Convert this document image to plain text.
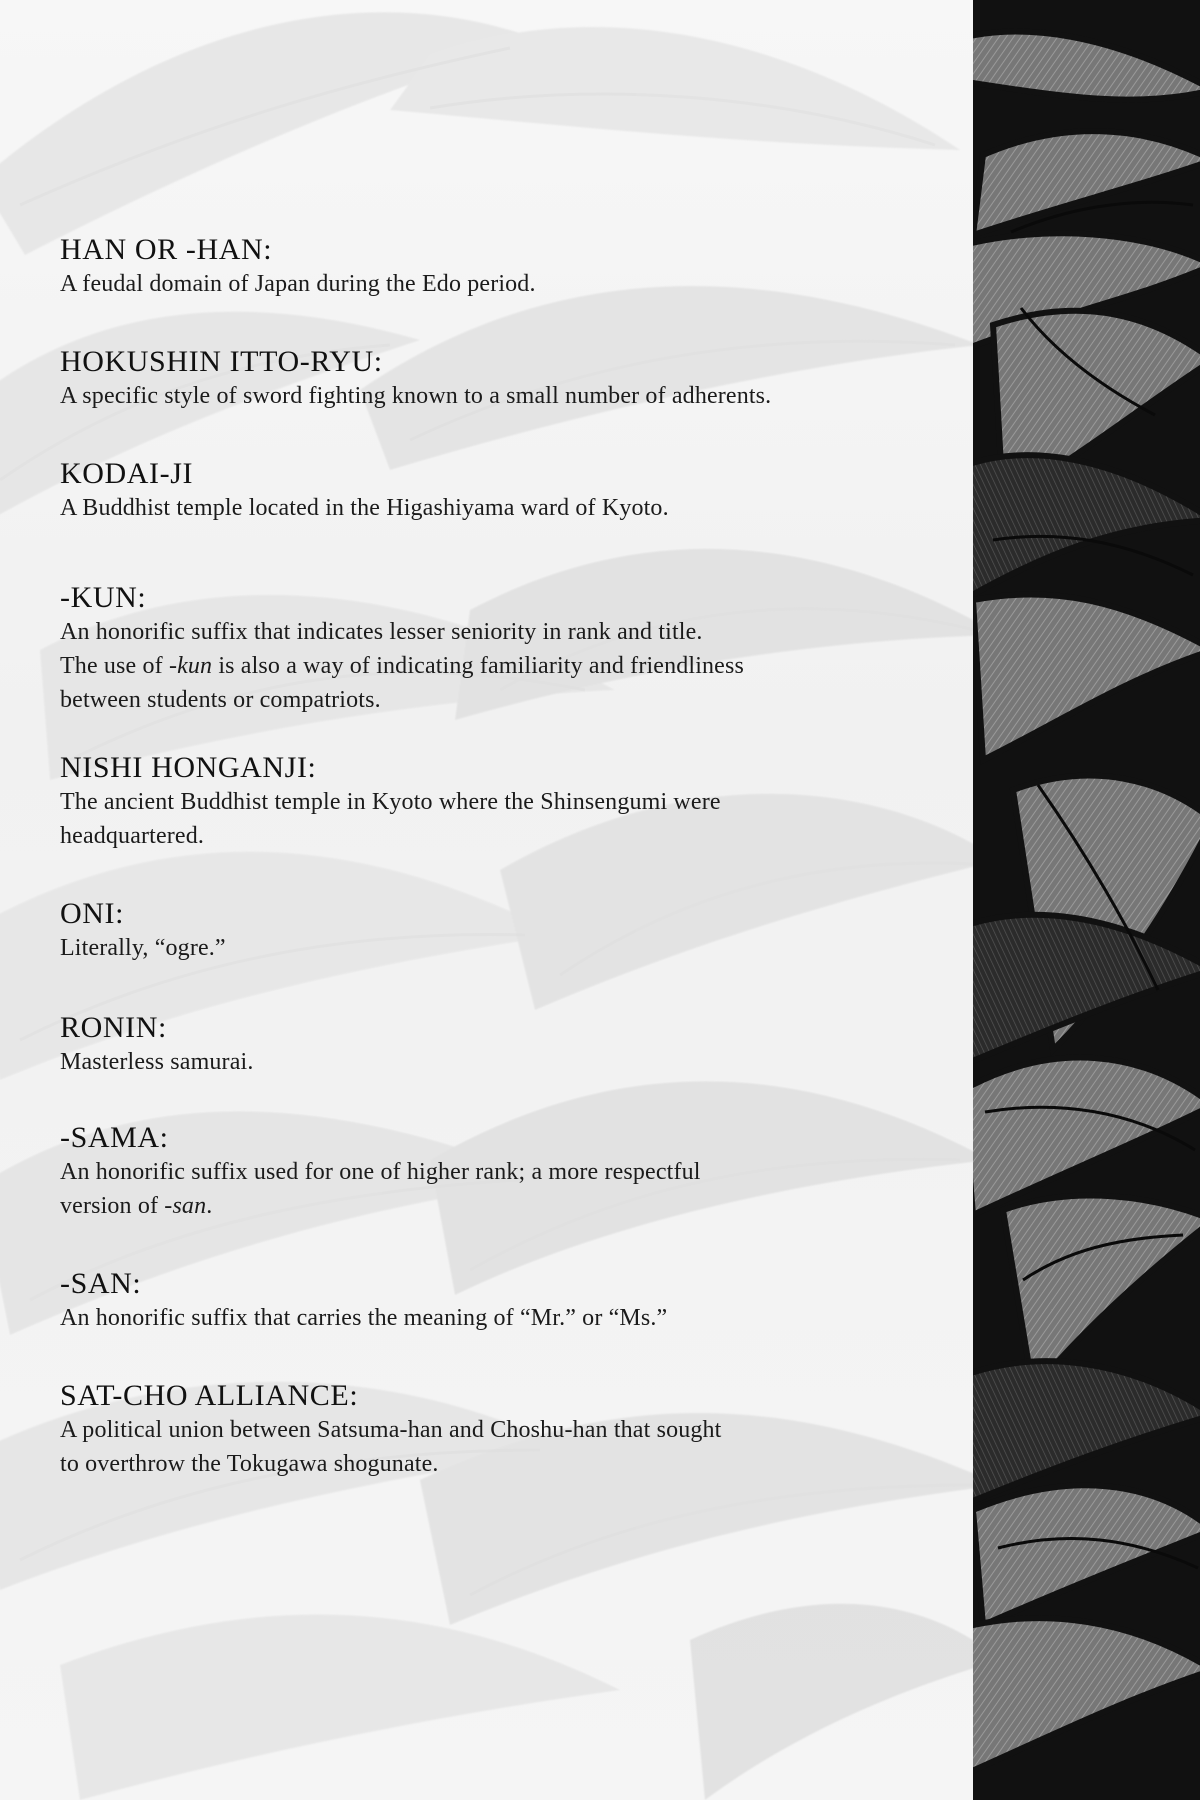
HAN OR -HAN:

A feudal domain of Japan during the Edo period.

HOKUSHIN ITTO-RYU:

A specific style of sword fighting known to a small number of adherents.

KODAI-JI

A Buddhist temple located in the Higashiyama ward of Kyoto.

-KUN:

An honorific suffix that indicates lesser seniority in rank and title.
The use of -kun is also a way of indicating familiarity and friendliness
between students or compatriots.

NISHI HONGANJI:

The ancient Buddhist temple in Kyoto where the Shinsengumi were
headquartered.

ONI:

Literally, “ogre.”

RONIN:

Masterless samurai.

-SAMA:

An honorific suffix used for one of higher rank; a more respectful
version of -san.

-SAN:

An honorific suffix that carries the meaning of “Mr.” or “Ms.”

SAT-CHO ALLIANCE:

A political union between Satsuma-han and Choshu-han that sought
to overthrow the Tokugawa shogunate.
